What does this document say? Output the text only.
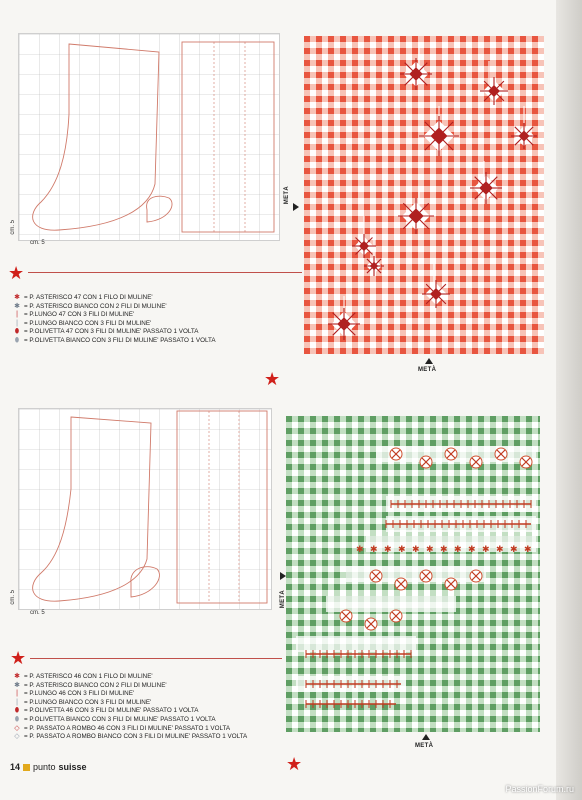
cm. 5
cm. 5
METÀ
METÀ
★
★
✱ = P. ASTERISCO 47 CON 1 FILO DI MULINE'
✱ = P. ASTERISCO BIANCO CON 2 FILI DI MULINE'
| = P.LUNGO 47 CON 3 FILI DI MULINE'
| = P.LUNGO BIANCO CON 3 FILI DI MULINE'
⬮ = P.OLIVETTA 47 CON 3 FILI DI MULINE' PASSATO 1 VOLTA
⬮ = P.OLIVETTA BIANCO CON 3 FILI DI MULINE' PASSATO 1 VOLTA
cm. 5
cm. 5
✱ ✱ ✱ ✱ ✱ ✱ ✱ ✱ ✱ ✱ ✱ ✱ ✱
METÀ
METÀ
★
★
✱ = P. ASTERISCO 46 CON 1 FILO DI MULINE'
✱ = P. ASTERISCO BIANCO CON 2 FILI DI MULINE'
| = P.LUNGO 46 CON 3 FILI DI MULINE'
| = P.LUNGO BIANCO CON 3 FILI DI MULINE'
⬮ = P.OLIVETTA 46 CON 3 FILI DI MULINE' PASSATO 1 VOLTA
⬮ = P.OLIVETTA BIANCO CON 3 FILI DI MULINE' PASSATO 1 VOLTA
◇ = P. PASSATO A ROMBO 46 CON 3 FILI DI MULINE' PASSATO 1 VOLTA
◇ = P. PASSATO A ROMBO BIANCO CON 3 FILI DI MULINE' PASSATO 1 VOLTA
14 punto suisse
PassionForum.ru
